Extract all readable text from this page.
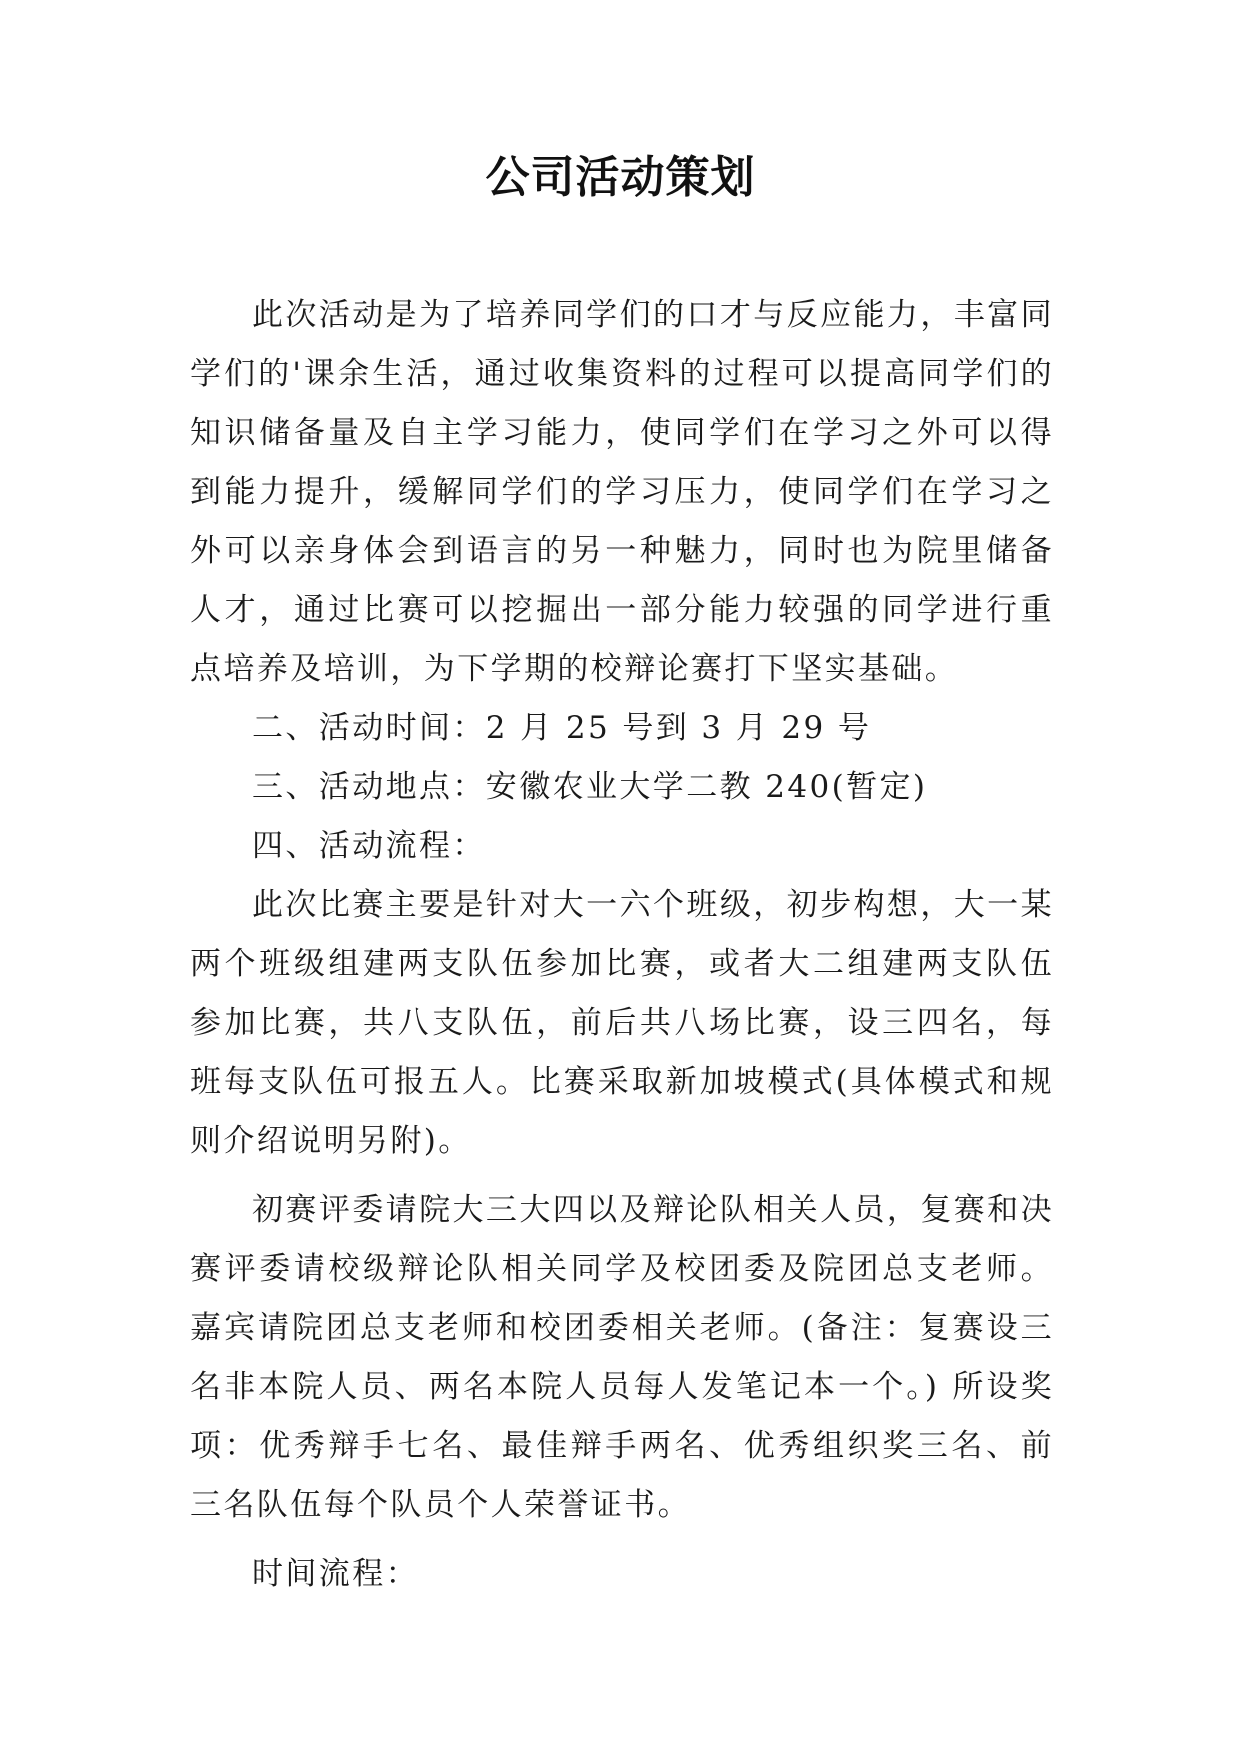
公司活动策划

此次活动是为了培养同学们的口才与反应能力，丰富同学们的'课余生活，通过收集资料的过程可以提高同学们的知识储备量及自主学习能力，使同学们在学习之外可以得到能力提升，缓解同学们的学习压力，使同学们在学习之外可以亲身体会到语言的另一种魅力，同时也为院里储备人才，通过比赛可以挖掘出一部分能力较强的同学进行重点培养及培训，为下学期的校辩论赛打下坚实基础。

二、活动时间：2 月 25 号到 3 月 29 号

三、活动地点：安徽农业大学二教 240(暂定)

四、活动流程：

此次比赛主要是针对大一六个班级，初步构想，大一某两个班级组建两支队伍参加比赛，或者大二组建两支队伍参加比赛，共八支队伍，前后共八场比赛，设三四名，每班每支队伍可报五人。比赛采取新加坡模式(具体模式和规则介绍说明另附)。

初赛评委请院大三大四以及辩论队相关人员，复赛和决赛评委请校级辩论队相关同学及校团委及院团总支老师。嘉宾请院团总支老师和校团委相关老师。(备注：复赛设三名非本院人员、两名本院人员每人发笔记本一个。) 所设奖项：优秀辩手七名、最佳辩手两名、优秀组织奖三名、前三名队伍每个队员个人荣誉证书。

时间流程：
